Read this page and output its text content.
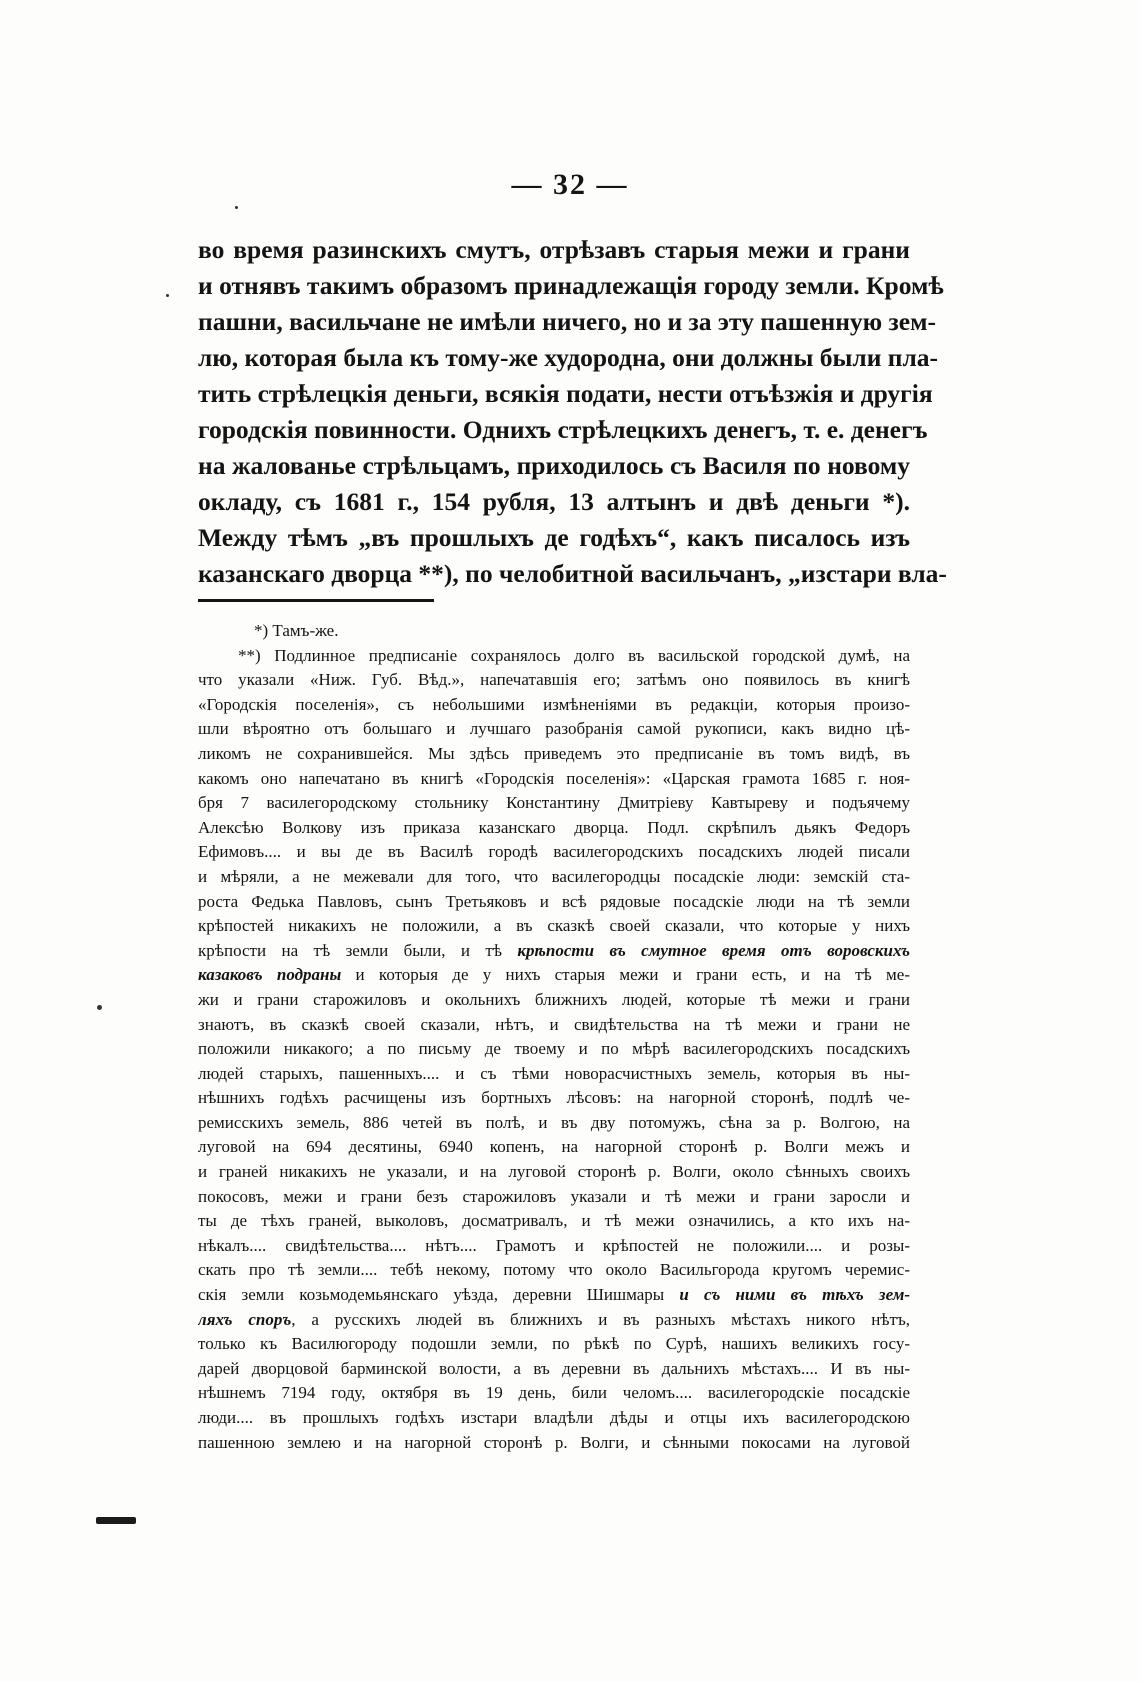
— 32 —
во время разинскихъ смутъ, отрѣзавъ старыя межи и грани
и отнявъ такимъ образомъ принадлежащія городу земли. Кромѣ
пашни, васильчане не имѣли ничего, но и за эту пашенную зем-
лю, которая была къ тому-же худородна, они должны были пла-
тить стрѣлецкія деньги, всякія подати, нести отъѣзжія и другія
городскія повинности. Однихъ стрѣлецкихъ денегъ, т. е. денегъ
на жалованье стрѣльцамъ, приходилось съ Василя по новому
окладу, съ 1681 г., 154 рубля, 13 алтынъ и двѣ деньги *).
Между тѣмъ „въ прошлыхъ де годѣхъ“, какъ писалось изъ
казанскаго дворца **), по челобитной васильчанъ, „изстари вла-
*) Тамъ-же.
**) Подлинное предписаніе сохранялось долго въ васильской городской думѣ, на
что указали «Ниж. Губ. Вѣд.», напечатавшія его; затѣмъ оно появилось въ книгѣ
«Городскія поселенія», съ небольшими измѣненіями въ редакціи, которыя произо-
шли вѣроятно отъ большаго и лучшаго разобранія самой рукописи, какъ видно цѣ-
ликомъ не сохранившейся. Мы здѣсь приведемъ это предписаніе въ томъ видѣ, въ
какомъ оно напечатано въ книгѣ «Городскія поселенія»: «Царская грамота 1685 г. ноя-
бря 7 василегородскому стольнику Константину Дмитріеву Кавтыреву и подъячему
Алексѣю Волкову изъ приказа казанскаго дворца. Подл. скрѣпилъ дьякъ Федоръ
Ефимовъ.... и вы де въ Василѣ городѣ василегородскихъ посадскихъ людей писали
и мѣряли, а не межевали для того, что василегородцы посадскіе люди: земскій ста-
роста Федька Павловъ, сынъ Третьяковъ и всѣ рядовые посадскіе люди на тѣ земли
крѣпостей никакихъ не положили, а въ сказкѣ своей сказали, что которые у нихъ
крѣпости на тѣ земли были, и тѣ крѣпости въ смутное время отъ воровскихъ
казаковъ подраны и которыя де у нихъ старыя межи и грани есть, и на тѣ ме-
жи и грани старожиловъ и окольнихъ ближнихъ людей, которые тѣ межи и грани
знаютъ, въ сказкѣ своей сказали, нѣтъ, и свидѣтельства на тѣ межи и грани не
положили никакого; а по письму де твоему и по мѣрѣ василегородскихъ посадскихъ
людей старыхъ, пашенныхъ.... и съ тѣми новорасчистныхъ земель, которыя въ ны-
нѣшнихъ годѣхъ расчищены изъ бортныхъ лѣсовъ: на нагорной сторонѣ, подлѣ че-
ремисскихъ земель, 886 четей въ полѣ, и въ дву потомужъ, сѣна за р. Волгою, на
луговой на 694 десятины, 6940 копенъ, на нагорной сторонѣ р. Волги межъ и
и граней никакихъ не указали, и на луговой сторонѣ р. Волги, около сѣнныхъ своихъ
покосовъ, межи и грани безъ старожиловъ указали и тѣ межи и грани заросли и
ты де тѣхъ граней, выколовъ, досматривалъ, и тѣ межи означились, а кто ихъ на-
нѣкалъ.... свидѣтельства.... нѣтъ.... Грамотъ и крѣпостей не положили.... и розы-
скать про тѣ земли.... тебѣ некому, потому что около Васильгорода кругомъ черемис-
скія земли козьмодемьянскаго уѣзда, деревни Шишмары и съ ними въ тѣхъ зем-
ляхъ споръ, а русскихъ людей въ ближнихъ и въ разныхъ мѣстахъ никого нѣтъ,
только къ Василюгороду подошли земли, по рѣкѣ по Сурѣ, нашихъ великихъ госу-
дарей дворцовой барминской волости, а въ деревни въ дальнихъ мѣстахъ.... И въ ны-
нѣшнемъ 7194 году, октября въ 19 день, били челомъ.... василегородскіе посадскіе
люди.... въ прошлыхъ годѣхъ изстари владѣли дѣды и отцы ихъ василегородскою
пашенною землею и на нагорной сторонѣ р. Волги, и сѣнными покосами на луговой
